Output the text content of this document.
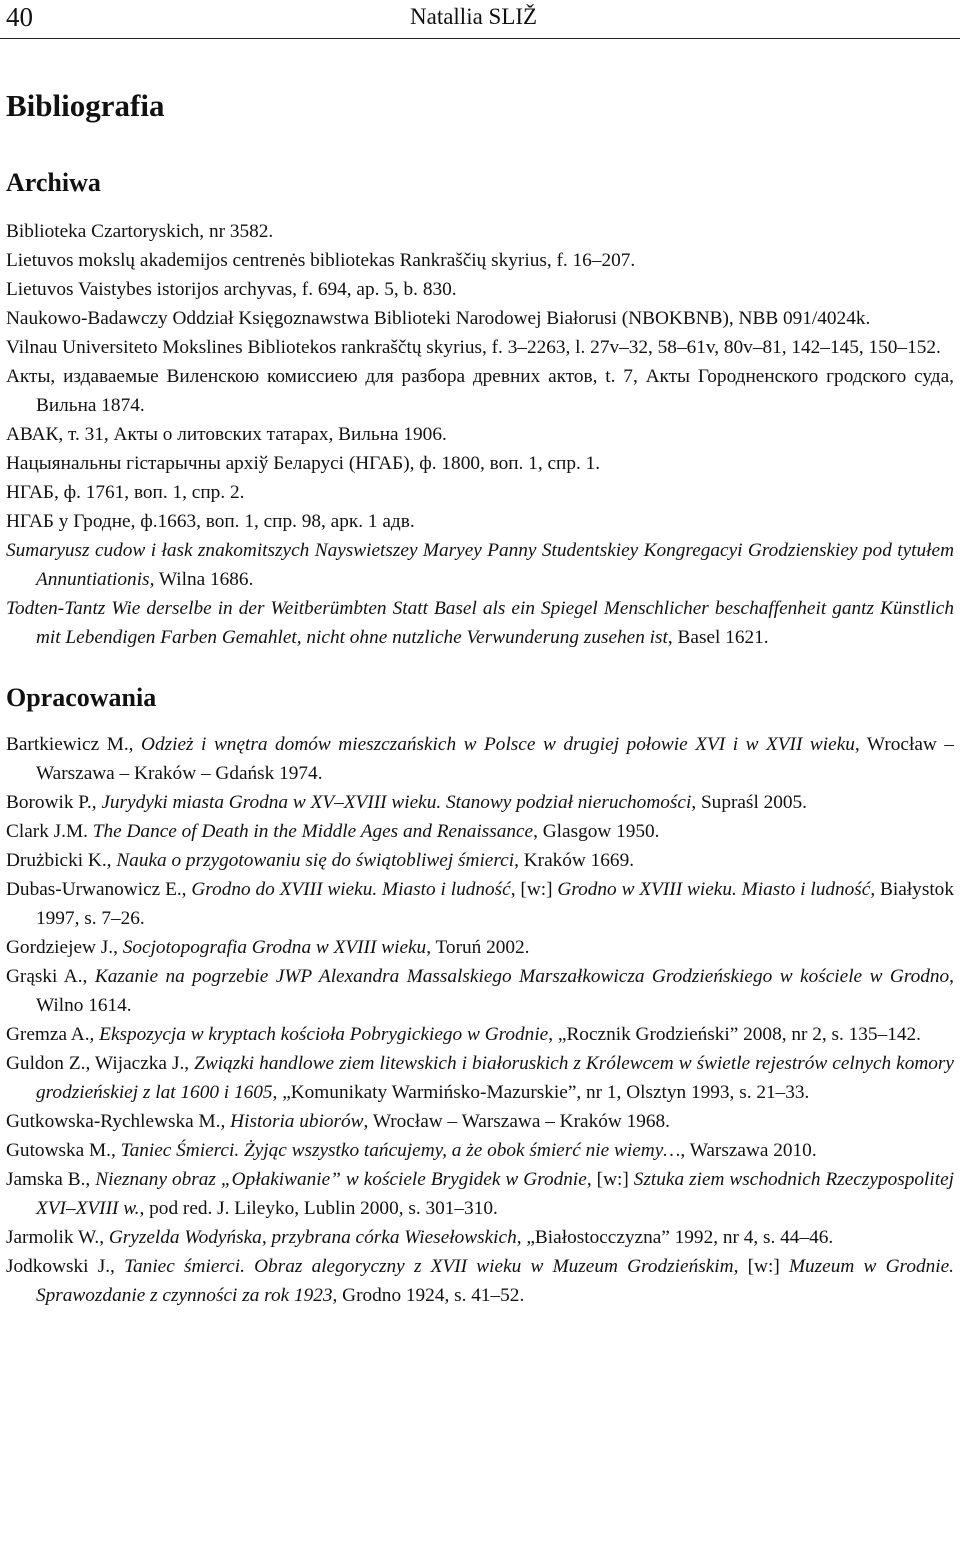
40	Natallia SLIŽ
Bibliografia
Archiwa

Biblioteka Czartoryskich, nr 3582.

Lietuvos mokslų akademijos centrenės bibliotekas Rankraščių skyrius, f. 16–207.

Lietuvos Vaistybes istorijos archyvas, f. 694, ap. 5, b. 830.

Naukowo-Badawczy Oddział Księgoznawstwa Biblioteki Narodowej Białorusi (NBOKBNB), NBB 091/4024k.

Vilnau Universiteto Mokslines Bibliotekos rankraščtų skyrius, f. 3–2263, l. 27v–32, 58–61v, 80v–81, 142–145, 150–152.

Акты, издаваемые Виленскою комиссиею для разбора древних актов, t. 7, Акты Городненского гродского суда, Вильна 1874.

АВАК, т. 31, Акты о литовских татарах, Вильна 1906.

Нацыянальны гістарычны архіў Беларусі (НГАБ), ф. 1800, воп. 1, спр. 1.

НГАБ, ф. 1761, воп. 1, спр. 2.

НГАБ у Гродне, ф.1663, воп. 1, спр. 98, арк. 1 адв.

Sumaryusz cudow i łask znakomitszych Nayswietszey Maryey Panny Studentskiey Kongregacyi Grodzienskiey pod tytułem Annuntiationis, Wilna 1686.

Todten-Tantz Wie derselbe in der Weitberümbten Statt Basel als ein Spiegel Menschlicher beschaffenheit gantz Künstlich mit Lebendigen Farben Gemahlet, nicht ohne nutzliche Verwunderung zusehen ist, Basel 1621.

Opracowania

Bartkiewicz M., Odzież i wnętra domów mieszczańskich w Polsce w drugiej połowie XVI i w XVII wieku, Wrocław – Warszawa – Kraków – Gdańsk 1974.

Borowik P., Jurydyki miasta Grodna w XV–XVIII wieku. Stanowy podział nieruchomości, Supraśl 2005.

Clark J.M. The Dance of Death in the Middle Ages and Renaissance, Glasgow 1950.

Drużbicki K., Nauka o przygotowaniu się do świątobliwej śmierci, Kraków 1669.

Dubas-Urwanowicz E., Grodno do XVIII wieku. Miasto i ludność, [w:] Grodno w XVIII wieku. Miasto i ludność, Białystok 1997, s. 7–26.

Gordziejew J., Socjotopografia Grodna w XVIII wieku, Toruń 2002.

Grąski A., Kazanie na pogrzebie JWP Alexandra Massalskiego Marszałkowicza Grodzieńskiego w kościele w Grodno, Wilno 1614.

Gremza A., Ekspozycja w kryptach kościoła Pobrygickiego w Grodnie, „Rocznik Grodzieński” 2008, nr 2, s. 135–142.

Guldon Z., Wijaczka J., Związki handlowe ziem litewskich i białoruskich z Królewcem w świetle rejestrów celnych komory grodzieńskiej z lat 1600 i 1605, „Komunikaty Warmińsko-Mazurskie”, nr 1, Olsztyn 1993, s. 21–33.

Gutkowska-Rychlewska M., Historia ubiorów, Wrocław – Warszawa – Kraków 1968.

Gutowska M., Taniec Śmierci. Żyjąc wszystko tańcujemy, a że obok śmierć nie wiemy…, Warszawa 2010.

Jamska B., Nieznany obraz „Opłakiwanie” w kościele Brygidek w Grodnie, [w:] Sztuka ziem wschodnich Rzeczypospolitej XVI–XVIII w., pod red. J. Lileyko, Lublin 2000, s. 301–310.

Jarmolik W., Gryzelda Wodyńska, przybrana córka Wiesełowskich, „Białostocczyzna” 1992, nr 4, s. 44–46.

Jodkowski J., Taniec śmierci. Obraz alegoryczny z XVII wieku w Muzeum Grodzieńskim, [w:] Muzeum w Grodnie. Sprawozdanie z czynności za rok 1923, Grodno 1924, s. 41–52.
